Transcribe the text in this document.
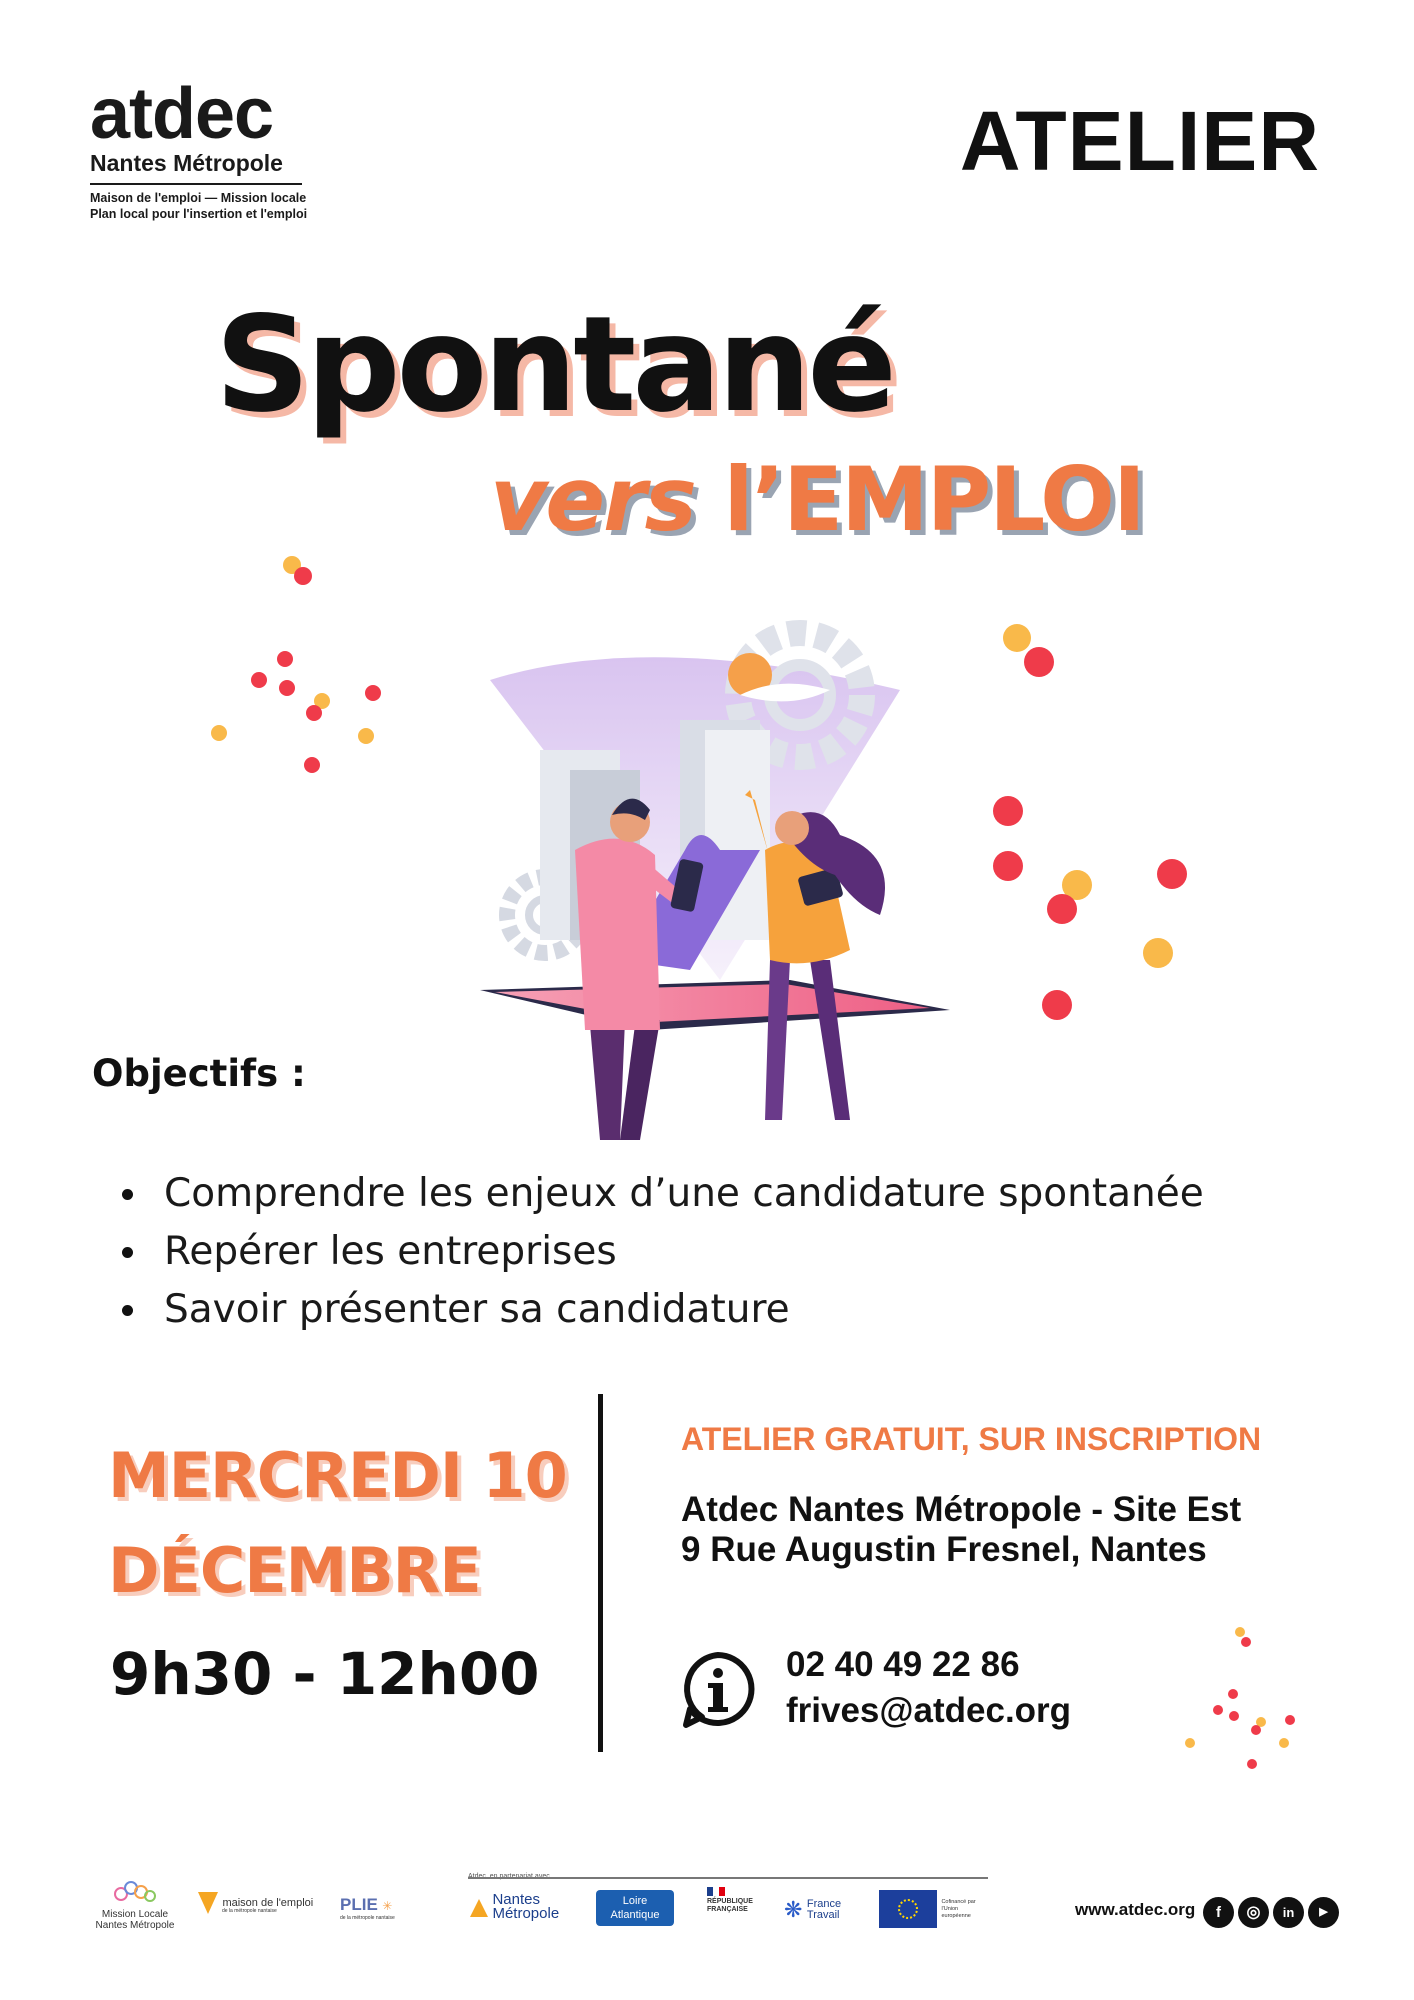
atdec
Nantes Métropole
Maison de l'emploi — Mission locale
Plan local pour l'insertion et l'emploi
ATELIER
Spontané
vers l’EMPLOI
Objectifs :
Comprendre les enjeux d’une candidature spontanée
Repérer les entreprises
Savoir présenter sa candidature
MERCREDI 10
DÉCEMBRE
9h30 - 12h00
ATELIER GRATUIT, SUR INSCRIPTION
Atdec Nantes Métropole - Site Est
9 Rue Augustin Fresnel, Nantes
02 40 49 22 86
frives@atdec.org
Mission Locale
Nantes Métropole
maison de l'emploi
de la métropole nantaise	PLIE ✳
de la métropole nantaise
Nantes
Métropole
Loire
Atlantique
RÉPUBLIQUE
FRANÇAISE	❋ France
Travail
Cofinancé par
l'Union
européenne	www.atdec.org	f	◎	in	▶
